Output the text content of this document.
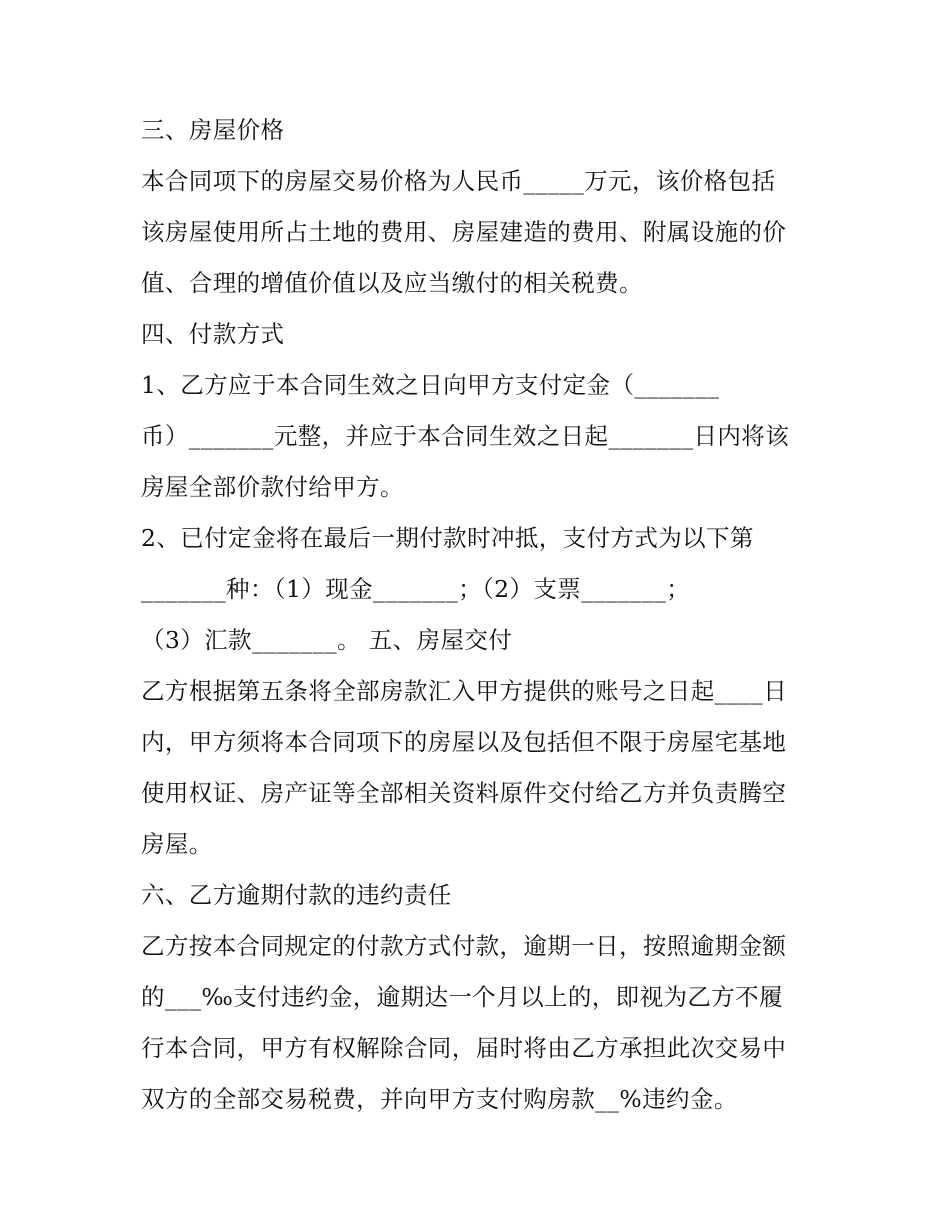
三、房屋价格
本合同项下的房屋交易价格为人民币_____万元，该价格包括
该房屋使用所占土地的费用、房屋建造的费用、附属设施的价
值、合理的增值价值以及应当缴付的相关税费。
四、付款方式
1、乙方应于本合同生效之日向甲方支付定金（_______
币）_______元整，并应于本合同生效之日起_______日内将该
房屋全部价款付给甲方。
2、已付定金将在最后一期付款时冲抵，支付方式为以下第
_______种：（1）现金_______；（2）支票_______；
（3）汇款_______。 五、房屋交付
乙方根据第五条将全部房款汇入甲方提供的账号之日起____日
内，甲方须将本合同项下的房屋以及包括但不限于房屋宅基地
使用权证、房产证等全部相关资料原件交付给乙方并负责腾空
房屋。
六、乙方逾期付款的违约责任
乙方按本合同规定的付款方式付款，逾期一日，按照逾期金额
的___‰支付违约金，逾期达一个月以上的，即视为乙方不履
行本合同，甲方有权解除合同，届时将由乙方承担此次交易中
双方的全部交易税费，并向甲方支付购房款__%违约金。
